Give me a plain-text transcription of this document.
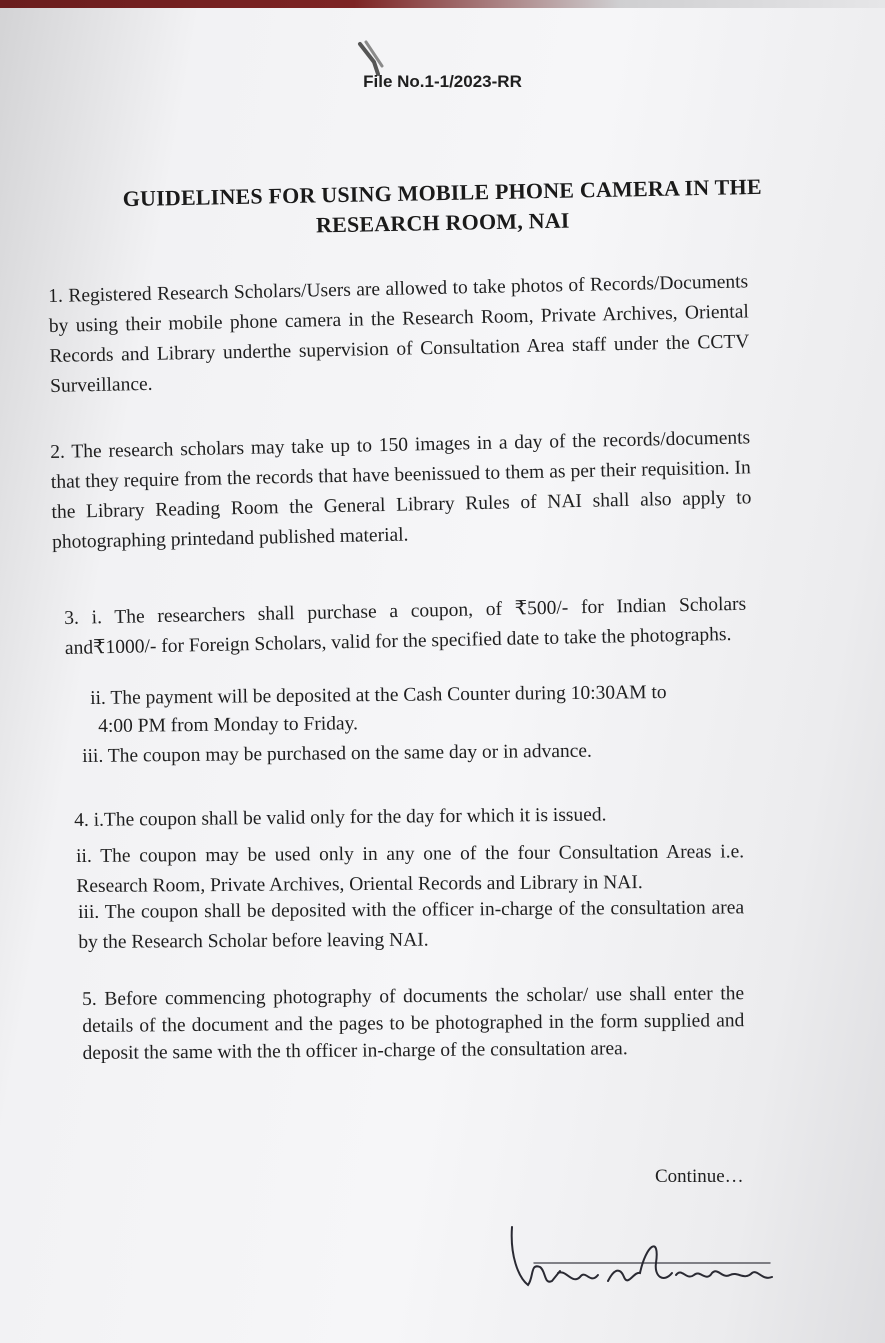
File No.1-1/2023-RR
GUIDELINES FOR USING MOBILE PHONE CAMERA IN THE
RESEARCH ROOM, NAI

1. Registered Research Scholars/Users are allowed to take photos of Records/Documents by using their mobile phone camera in the Research Room, Private Archives, Oriental Records and Library underthe supervision of Consultation Area staff under the CCTV Surveillance.

2. The research scholars may take up to 150 images in a day of the records/documents that they require from the records that have beenissued to them as per their requisition. In the Library Reading Room the General Library Rules of NAI shall also apply to photographing printedand published material.

3. i. The researchers shall purchase a coupon, of ₹500/- for Indian Scholars and₹1000/- for Foreign Scholars, valid for the specified date to take the photographs.

ii. The payment will be deposited at the Cash Counter during 10:30AM to
4:00 PM from Monday to Friday.
iii. The coupon may be purchased on the same day or in advance.
4. i.The coupon shall be valid only for the day for which it is issued.

ii. The coupon may be used only in any one of the four Consultation Areas i.e. Research Room, Private Archives, Oriental Records and Library in NAI.

iii. The coupon shall be deposited with the officer in-charge of the consultation area by the Research Scholar before leaving NAI.

5. Before commencing photography of documents the scholar/ use shall enter the details of the document and the pages to be photographed in the form supplied and deposit the same with the th officer in-charge of the consultation area.

Continue…
